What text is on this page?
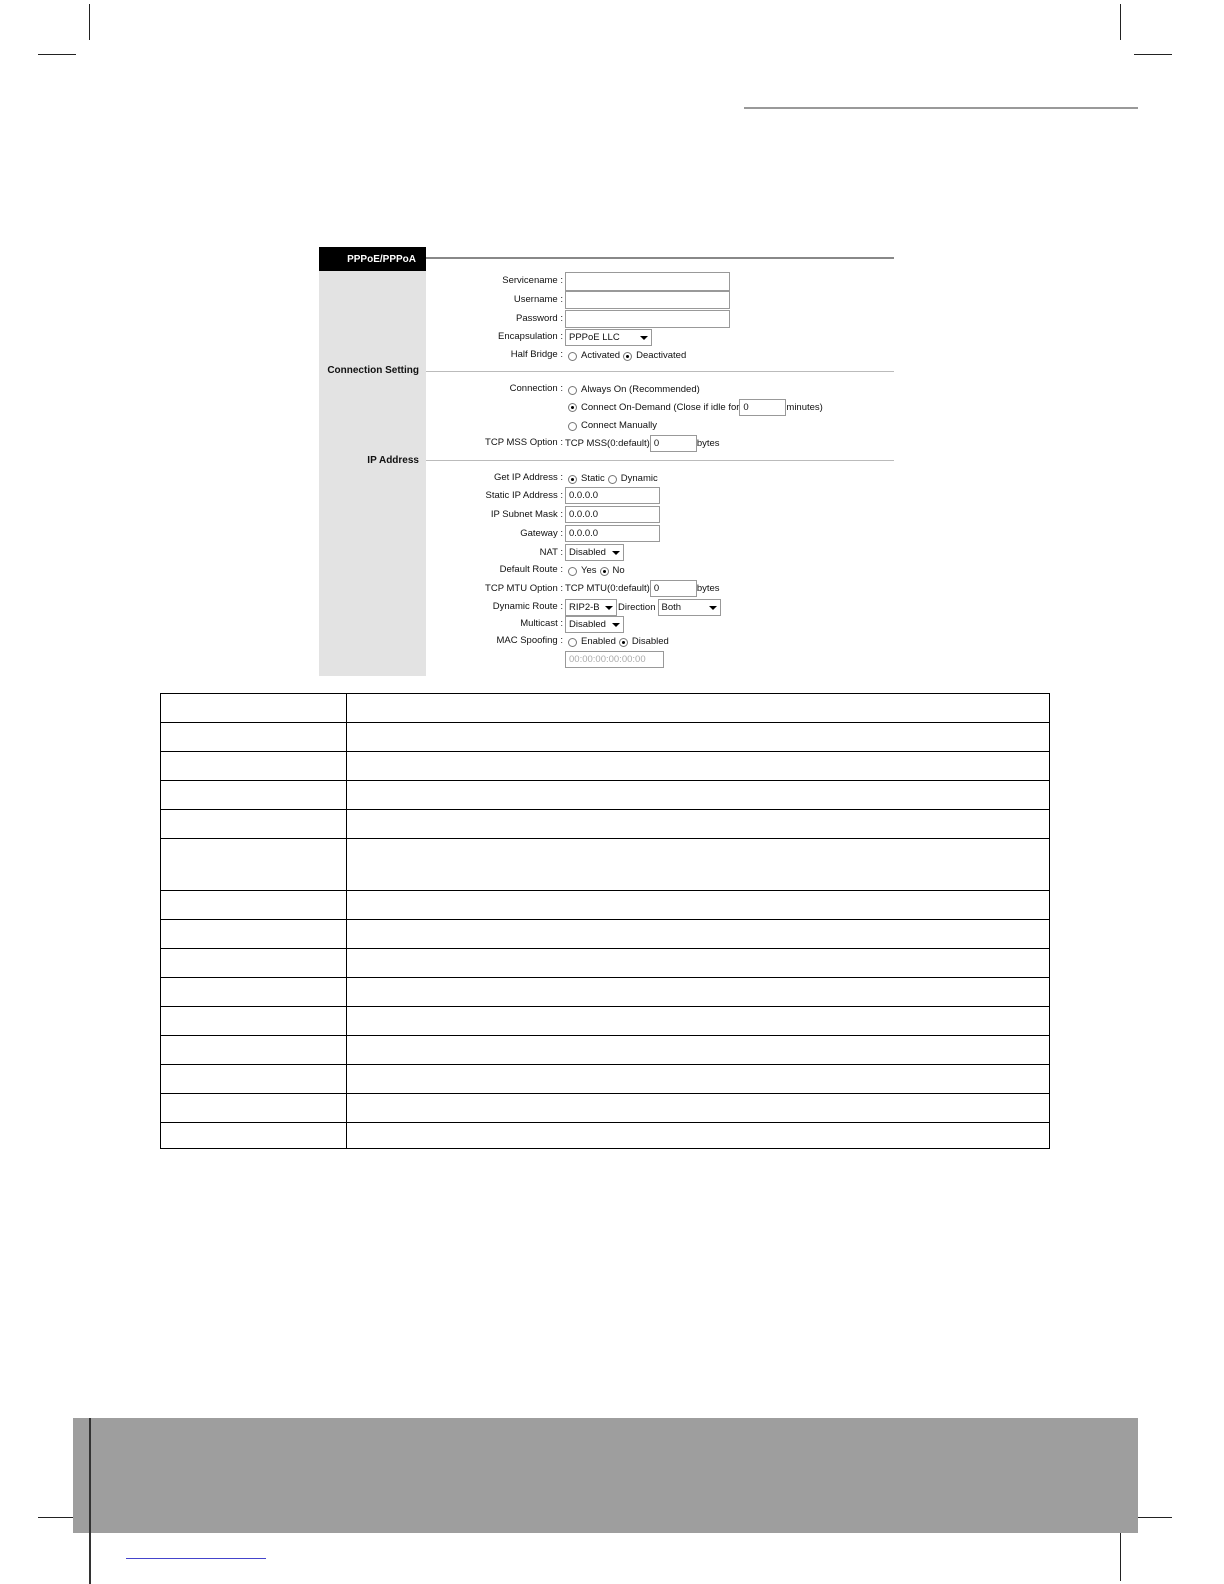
PPPoE/PPPoA
Connection Setting
IP Address
Servicename :
Username :
Password :
Encapsulation : PPPoE LLC
Half Bridge : Activated Deactivated
Connection : Always On (Recommended)
Connect On-Demand (Close if idle for 0	minutes)
Connect Manually
TCP MSS Option : TCP MSS(0:default) 0	bytes
Get IP Address : Static Dynamic
Static IP Address : 0.0.0.0
IP Subnet Mask : 0.0.0.0
Gateway : 0.0.0.0
NAT : Disabled
Default Route : Yes No
TCP MTU Option : TCP MTU(0:default) 0	bytes
Dynamic Route : RIP2-B Direction Both
Multicast : Disabled
MAC Spoofing : Enabled Disabled
00:00:00:00:00:00
